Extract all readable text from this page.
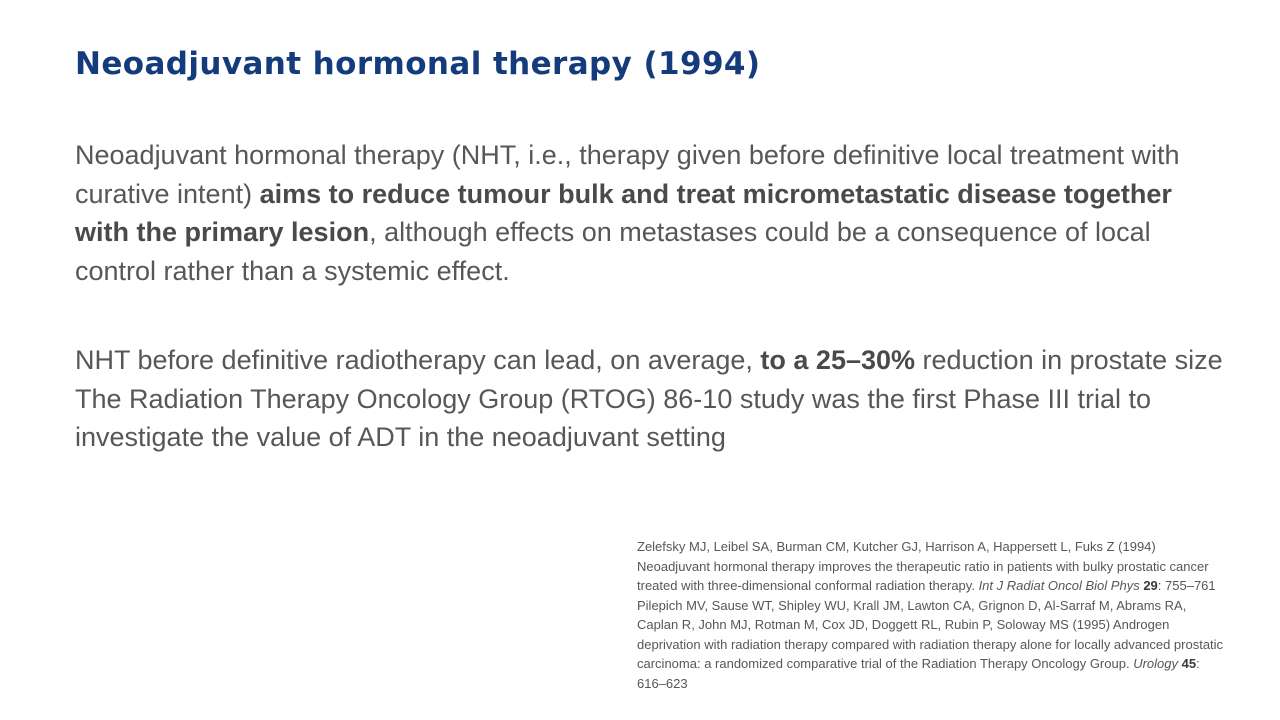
Neoadjuvant hormonal therapy (1994)

Neoadjuvant hormonal therapy (NHT, i.e., therapy given before definitive local treatment with curative intent) aims to reduce tumour bulk and treat micrometastatic disease together with the primary lesion, although effects on metastases could be a consequence of local control rather than a systemic effect.

NHT before definitive radiotherapy can lead, on average, to a 25–30% reduction in prostate size The Radiation Therapy Oncology Group (RTOG) 86-10 study was the first Phase III trial to investigate the value of ADT in the neoadjuvant setting

Zelefsky MJ, Leibel SA, Burman CM, Kutcher GJ, Harrison A, Happersett L, Fuks Z (1994) Neoadjuvant hormonal therapy improves the therapeutic ratio in patients with bulky prostatic cancer treated with three-dimensional conformal radiation therapy. Int J Radiat Oncol Biol Phys 29: 755–761

Pilepich MV, Sause WT, Shipley WU, Krall JM, Lawton CA, Grignon D, Al-Sarraf M, Abrams RA, Caplan R, John MJ, Rotman M, Cox JD, Doggett RL, Rubin P, Soloway MS (1995) Androgen deprivation with radiation therapy compared with radiation therapy alone for locally advanced prostatic carcinoma: a randomized comparative trial of the Radiation Therapy Oncology Group. Urology 45: 616–623
